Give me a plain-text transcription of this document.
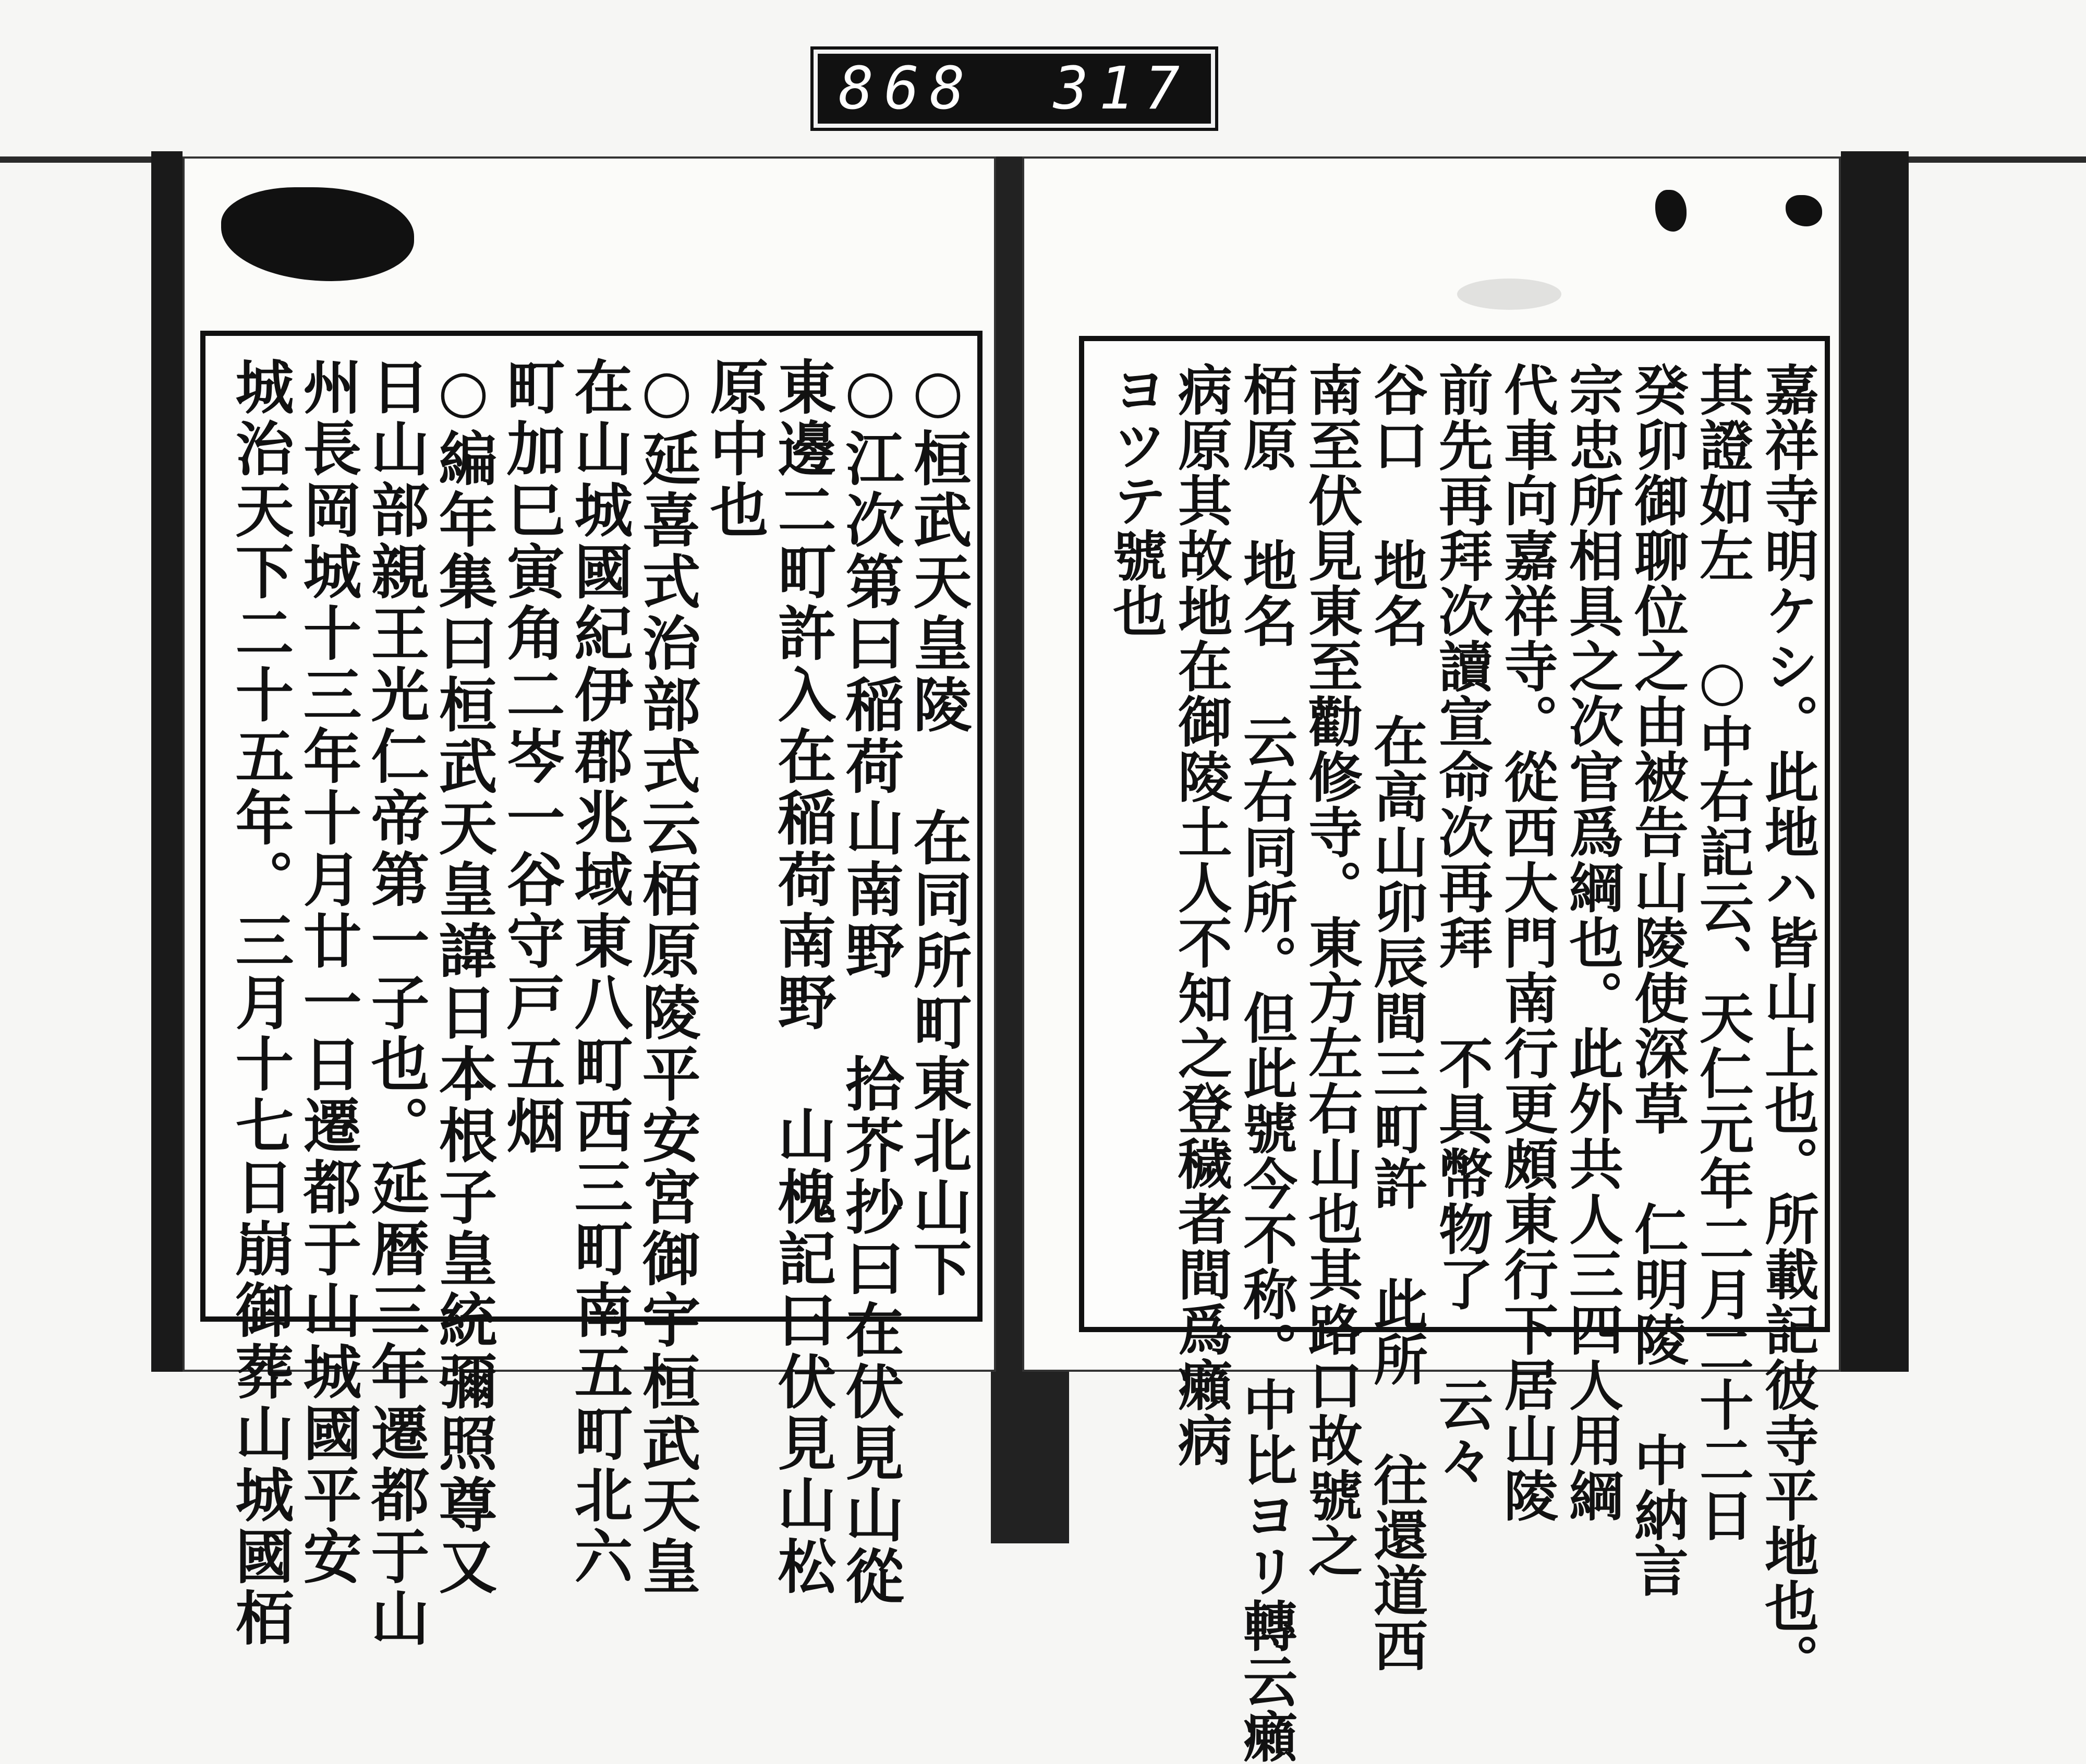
868 317
○桓武天皇陵 在同所町東北山下
○江次第曰稲荷山南野 拾芥抄曰在伏見山從
東邊二町許入在稲荷南野 山槐記曰伏見山松
原中也
○延喜式治部式云栢原陵平安宮御宇桓武天皇
在山城國紀伊郡兆域東八町西三町南五町北六
町加巳寅角二岑一谷守戸五烟
○編年集曰桓武天皇諱日本根子皇統彌照尊又
日山部親王光仁帝第一子也。延暦三年遷都于山
州長岡城十三年十月廿一日遷都于山城國平安
城治天下二十五年。三月十七日崩御葬山城國栢	嘉祥寺明ケシ。此地ハ皆山上也。所載記彼寺平地也。
其證如左 ○中右記云、天仁元年二月二十二日
癸卯御聊位之由被告山陵使深草 仁明陵 中納言
宗忠所相具之次官爲綱也。此外共人三四人用綱
代車向嘉祥寺。從西大門南行更頗東行下居山陵
前先再拜次讀宣命次再拜 不具幣物了 云々
谷口 地名 在高山卯辰間三町許 此所 往還道西
南至伏見東至勸修寺。東方左右山也其路口故號之
栢原 地名 云右同所。但此號今不称。中比ヨリ轉云癩
病原其故地在御陵土人不知之登穢者間爲癩病
ヨツテ號也
